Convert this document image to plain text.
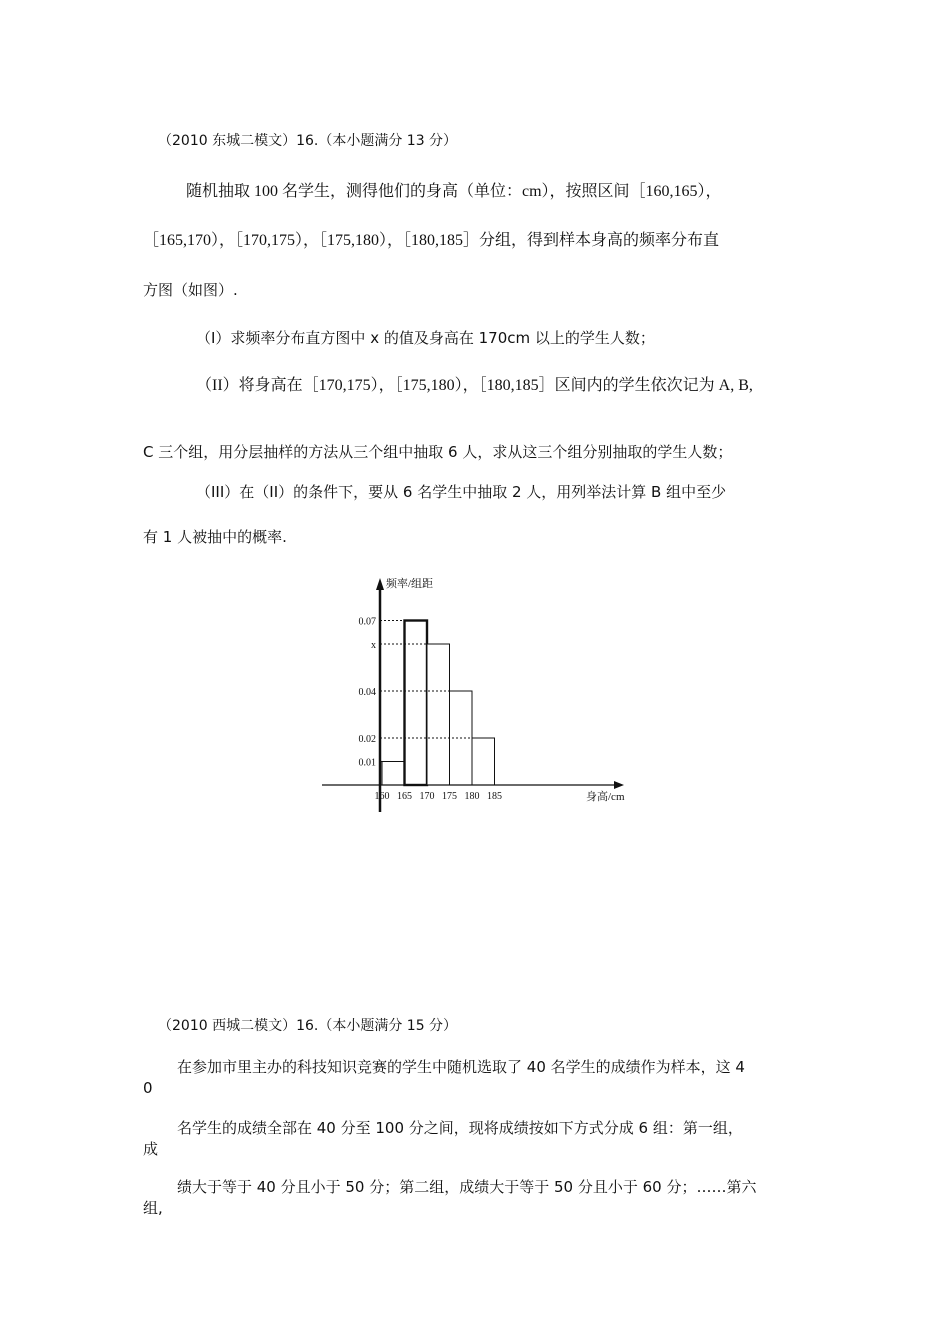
（2010 东城二模文）16.（本小题满分 13 分）
随机抽取 100 名学生，测得他们的身高（单位：cm），按照区间［160,165），
［165,170），［170,175），［175,180），［180,185］分组，得到样本身高的频率分布直
方图（如图）.
（I）求频率分布直方图中 x 的值及身高在 170cm 以上的学生人数；
（II）将身高在［170,175），［175,180），［180,185］区间内的学生依次记为 A, B,
C 三个组，用分层抽样的方法从三个组中抽取 6 人，求从这三个组分别抽取的学生人数；
（III）在（II）的条件下，要从 6 名学生中抽取 2 人，用列举法计算 B 组中至少
有 1 人被抽中的概率.
频率/组距
身高/cm
0.07
x
0.04
0.02
0.01
160 165 170 175 180 185
（2010 西城二模文）16.（本小题满分 15 分）
在参加市里主办的科技知识竞赛的学生中随机选取了 40 名学生的成绩作为样本，这 4
0
名学生的成绩全部在 40 分至 100 分之间，现将成绩按如下方式分成 6 组：第一组，
成
绩大于等于 40 分且小于 50 分；第二组，成绩大于等于 50 分且小于 60 分；……第六
组,
